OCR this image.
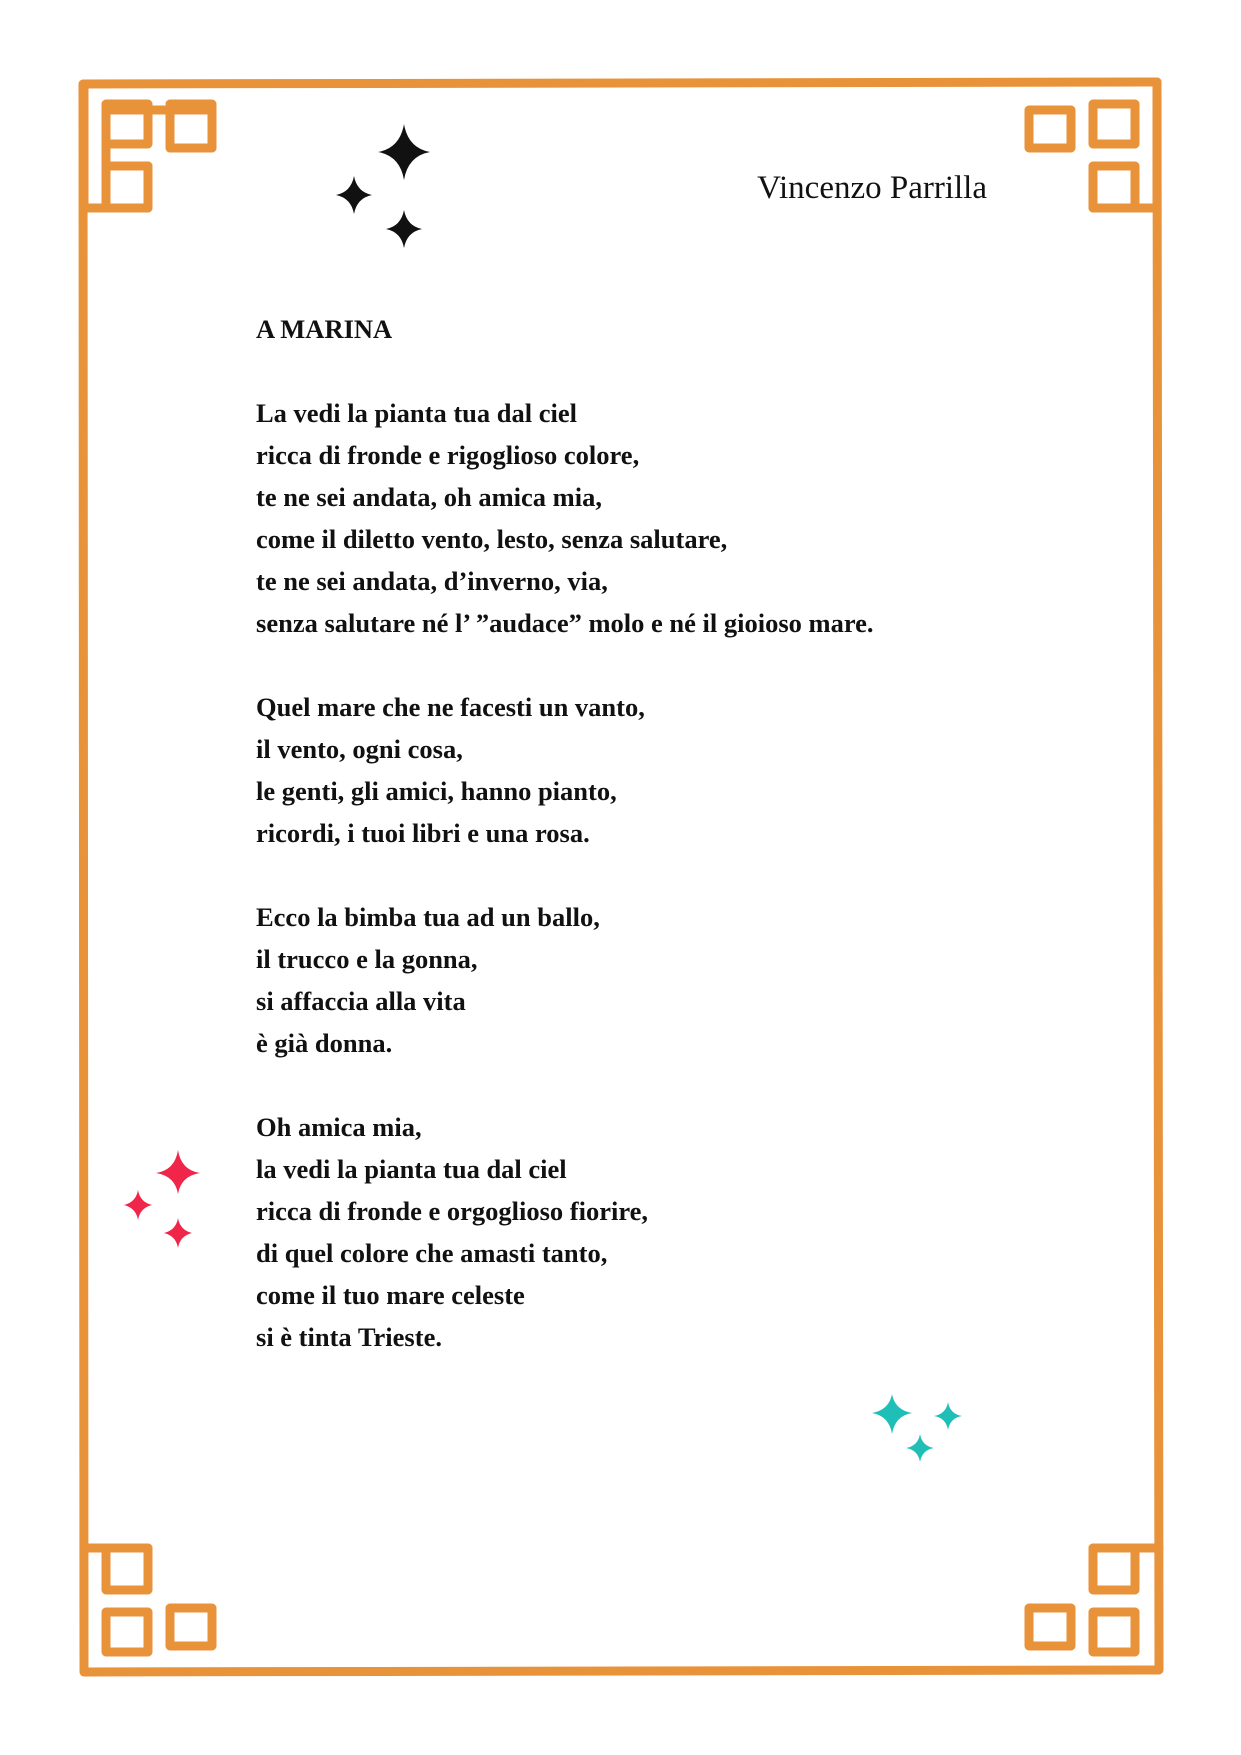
Vincenzo Parrilla
A MARINA
La vedi la pianta tua dal ciel
ricca di fronde e rigoglioso colore,
te ne sei andata, oh amica mia,
come il diletto vento, lesto, senza salutare,
te ne sei andata, d’inverno, via,
senza salutare né l’ ”audace” molo e né il gioioso mare.
Quel mare che ne facesti un vanto,
il vento, ogni cosa,
le genti, gli amici, hanno pianto,
ricordi, i tuoi libri e una rosa.
Ecco la bimba tua ad un ballo,
il trucco e la gonna,
si affaccia alla vita
è già donna.
Oh amica mia,
la vedi la pianta tua dal ciel
ricca di fronde e orgoglioso fiorire,
di quel colore che amasti tanto,
come il tuo mare celeste
si è tinta Trieste.
